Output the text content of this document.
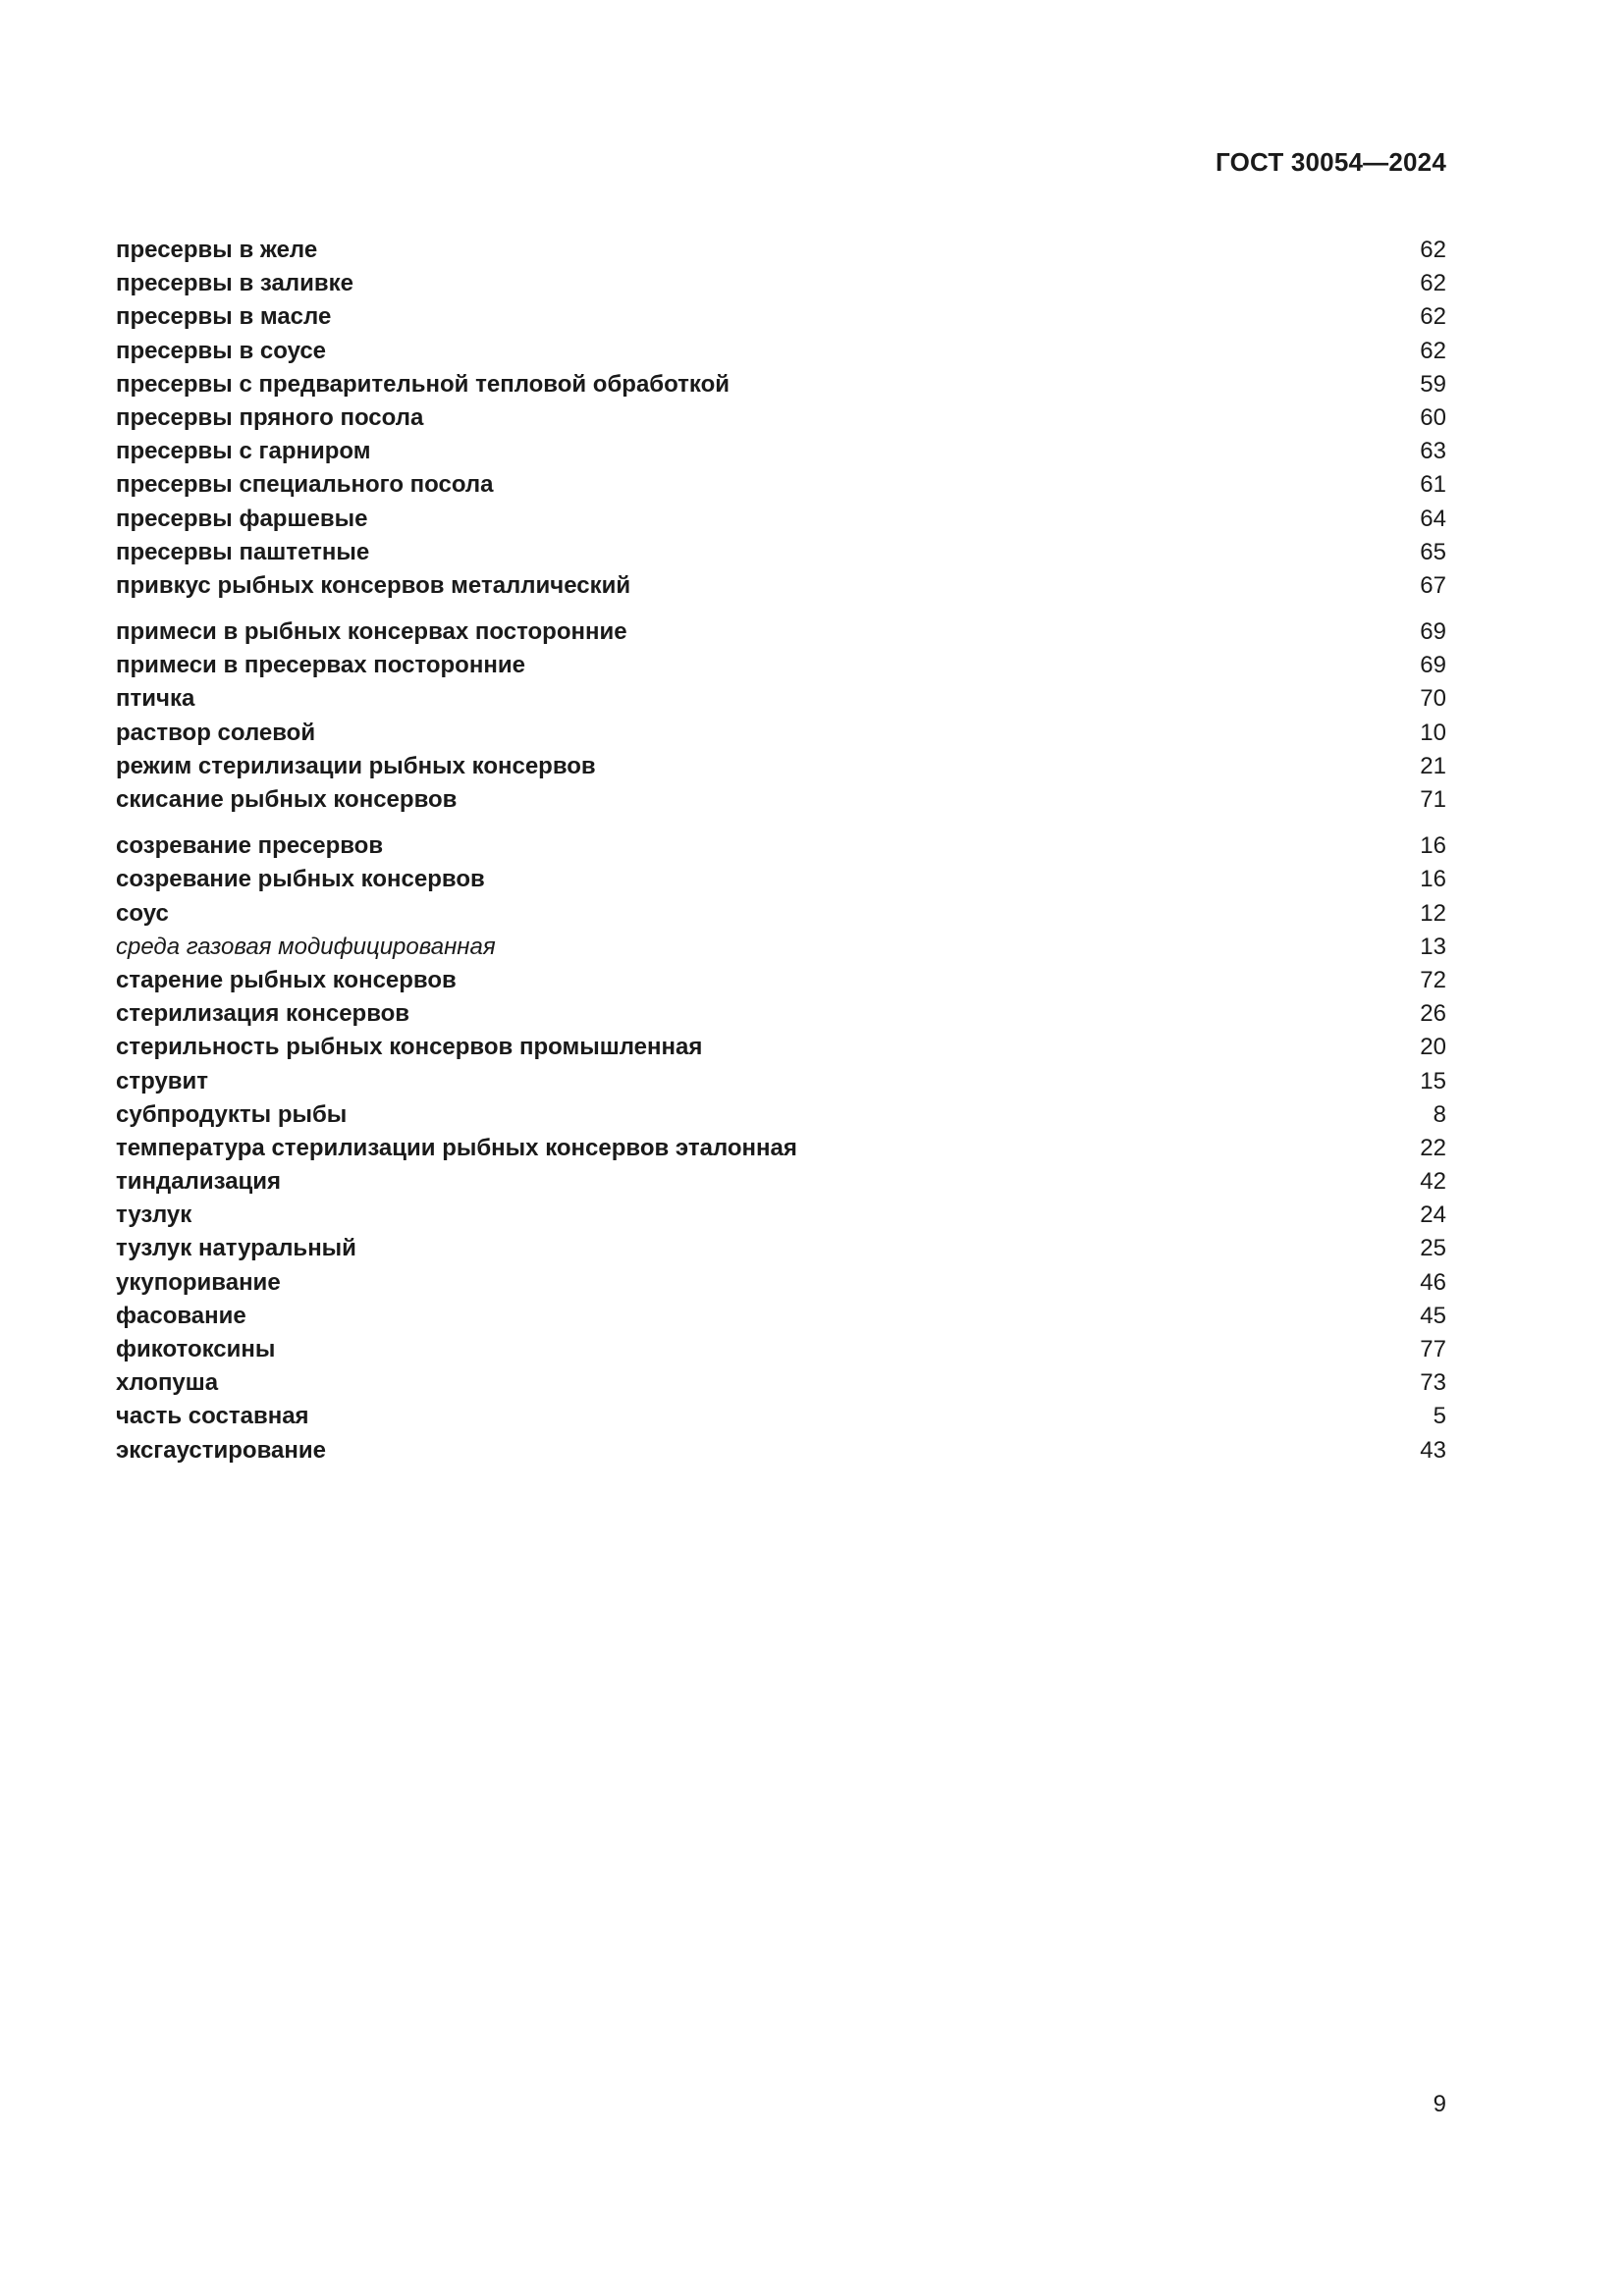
ГОСТ 30054—2024
пресервы в желе	62
пресервы в заливке	62
пресервы в масле	62
пресервы в соусе	62
пресервы с предварительной тепловой обработкой	59
пресервы пряного посола	60
пресервы с гарниром	63
пресервы специального посола	61
пресервы фаршевые	64
пресервы паштетные	65
привкус рыбных консервов металлический	67
примеси в рыбных консервах посторонние	69
примеси в пресервах посторонние	69
птичка	70
раствор солевой	10
режим стерилизации рыбных консервов	21
скисание рыбных консервов	71
созревание пресервов	16
созревание рыбных консервов	16
соус	12
среда газовая модифицированная	13
старение рыбных консервов	72
стерилизация консервов	26
стерильность рыбных консервов промышленная	20
струвит	15
субпродукты рыбы	8
температура стерилизации рыбных консервов эталонная	22
тиндализация	42
тузлук	24
тузлук натуральный	25
укупоривание	46
фасование	45
фикотоксины	77
хлопуша	73
часть составная	5
эксгаустирование	43
9
